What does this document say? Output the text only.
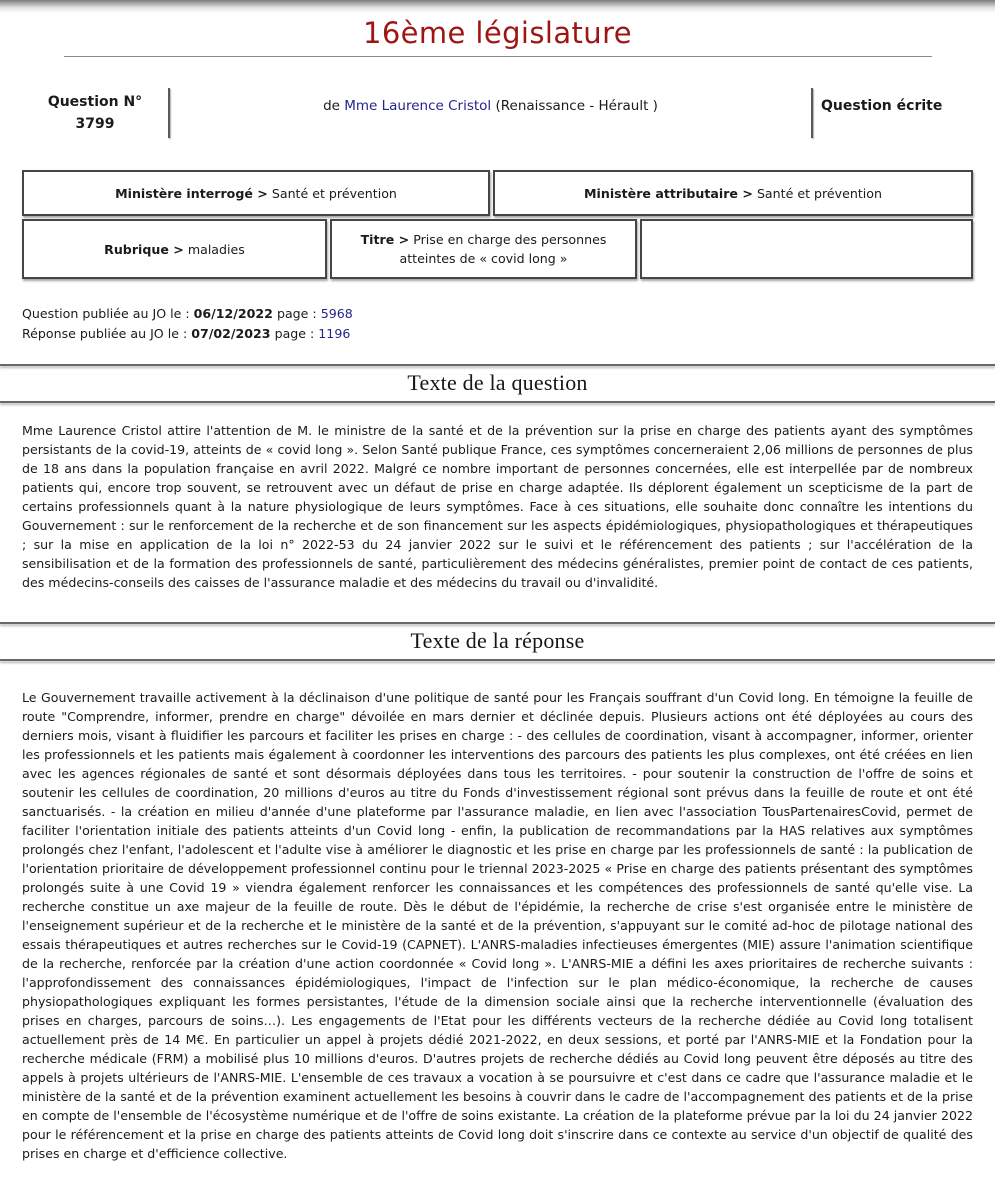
16ème législature
Question N°
3799
de Mme Laurence Cristol (Renaissance - Hérault )	Question écrite
Ministère interrogé > Santé et prévention	Ministère attributaire > Santé et prévention
Rubrique > maladies
Titre > Prise en charge des personnes atteintes de « covid long »
Question publiée au JO le : 06/12/2022 page : 5968
Réponse publiée au JO le : 07/02/2023 page : 1196
Texte de la question

Mme Laurence Cristol attire l'attention de M. le ministre de la santé et de la prévention sur la prise en charge des patients ayant des symptômes persistants de la covid-19, atteints de « covid long ». Selon Santé publique France, ces symptômes concerneraient 2,06 millions de personnes de plus de 18 ans dans la population française en avril 2022. Malgré ce nombre important de personnes concernées, elle est interpellée par de nombreux patients qui, encore trop souvent, se retrouvent avec un défaut de prise en charge adaptée. Ils déplorent également un scepticisme de la part de certains professionnels quant à la nature physiologique de leurs symptômes. Face à ces situations, elle souhaite donc connaître les intentions du Gouvernement : sur le renforcement de la recherche et de son financement sur les aspects épidémiologiques, physiopathologiques et thérapeutiques ; sur la mise en application de la loi n° 2022-53 du 24 janvier 2022 sur le suivi et le référencement des patients ; sur l'accélération de la sensibilisation et de la formation des professionnels de santé, particulièrement des médecins généralistes, premier point de contact de ces patients, des médecins-conseils des caisses de l'assurance maladie et des médecins du travail ou d'invalidité.

Texte de la réponse

Le Gouvernement travaille activement à la déclinaison d'une politique de santé pour les Français souffrant d'un Covid long. En témoigne la feuille de route "Comprendre, informer, prendre en charge" dévoilée en mars dernier et déclinée depuis. Plusieurs actions ont été déployées au cours des derniers mois, visant à fluidifier les parcours et faciliter les prises en charge : - des cellules de coordination, visant à accompagner, informer, orienter les professionnels et les patients mais également à coordonner les interventions des parcours des patients les plus complexes, ont été créées en lien avec les agences régionales de santé et sont désormais déployées dans tous les territoires. - pour soutenir la construction de l'offre de soins et soutenir les cellules de coordination, 20 millions d'euros au titre du Fonds d'investissement régional sont prévus dans la feuille de route et ont été sanctuarisés. - la création en milieu d'année d'une plateforme par l'assurance maladie, en lien avec l'association TousPartenairesCovid, permet de faciliter l'orientation initiale des patients atteints d'un Covid long - enfin, la publication de recommandations par la HAS relatives aux symptômes prolongés chez l'enfant, l'adolescent et l'adulte vise à améliorer le diagnostic et les prise en charge par les professionnels de santé : la publication de l'orientation prioritaire de développement professionnel continu pour le triennal 2023-2025 « Prise en charge des patients présentant des symptômes prolongés suite à une Covid 19 » viendra également renforcer les connaissances et les compétences des professionnels de santé qu'elle vise. La recherche constitue un axe majeur de la feuille de route. Dès le début de l'épidémie, la recherche de crise s'est organisée entre le ministère de l'enseignement supérieur et de la recherche et le ministère de la santé et de la prévention, s'appuyant sur le comité ad-hoc de pilotage national des essais thérapeutiques et autres recherches sur le Covid-19 (CAPNET). L'ANRS-maladies infectieuses émergentes (MIE) assure l'animation scientifique de la recherche, renforcée par la création d'une action coordonnée « Covid long ». L'ANRS-MIE a défini les axes prioritaires de recherche suivants : l'approfondissement des connaissances épidémiologiques, l'impact de l'infection sur le plan médico-économique, la recherche de causes physiopathologiques expliquant les formes persistantes, l'étude de la dimension sociale ainsi que la recherche interventionnelle (évaluation des prises en charges, parcours de soins…). Les engagements de l'Etat pour les différents vecteurs de la recherche dédiée au Covid long totalisent actuellement près de 14 M€. En particulier un appel à projets dédié 2021-2022, en deux sessions, et porté par l'ANRS-MIE et la Fondation pour la recherche médicale (FRM) a mobilisé plus 10 millions d'euros. D'autres projets de recherche dédiés au Covid long peuvent être déposés au titre des appels à projets ultérieurs de l'ANRS-MIE. L'ensemble de ces travaux a vocation à se poursuivre et c'est dans ce cadre que l'assurance maladie et le ministère de la santé et de la prévention examinent actuellement les besoins à couvrir dans le cadre de l'accompagnement des patients et de la prise en compte de l'ensemble de l'écosystème numérique et de l'offre de soins existante. La création de la plateforme prévue par la loi du 24 janvier 2022 pour le référencement et la prise en charge des patients atteints de Covid long doit s'inscrire dans ce contexte au service d'un objectif de qualité des prises en charge et d'efficience collective.
